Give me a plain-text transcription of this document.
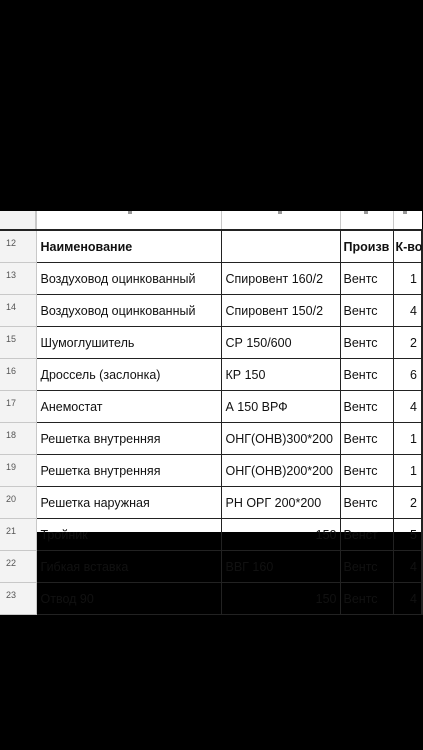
12	Наименование		Произв	К-во
13	Воздуховод оцинкованный	Спировент 160/2	Вентс	1
14	Воздуховод оцинкованный	Спировент 150/2	Вентс	4
15	Шумоглушитель	СР 150/600	Вентс	2
16	Дроссель (заслонка)	КР 150	Вентс	6
17	Анемостат	А 150 ВРФ	Вентс	4
18	Решетка внутренняя	ОНГ(ОНВ)300*200	Вентс	1
19	Решетка внутренняя	ОНГ(ОНВ)200*200	Вентс	1
20	Решетка наружная	РН ОРГ 200*200	Вентс	2
21	Тройник	150	Венст	5
22	Гибкая вставка	ВВГ 160	Вентс	4
23	Отвод 90	150	Вентс	4
